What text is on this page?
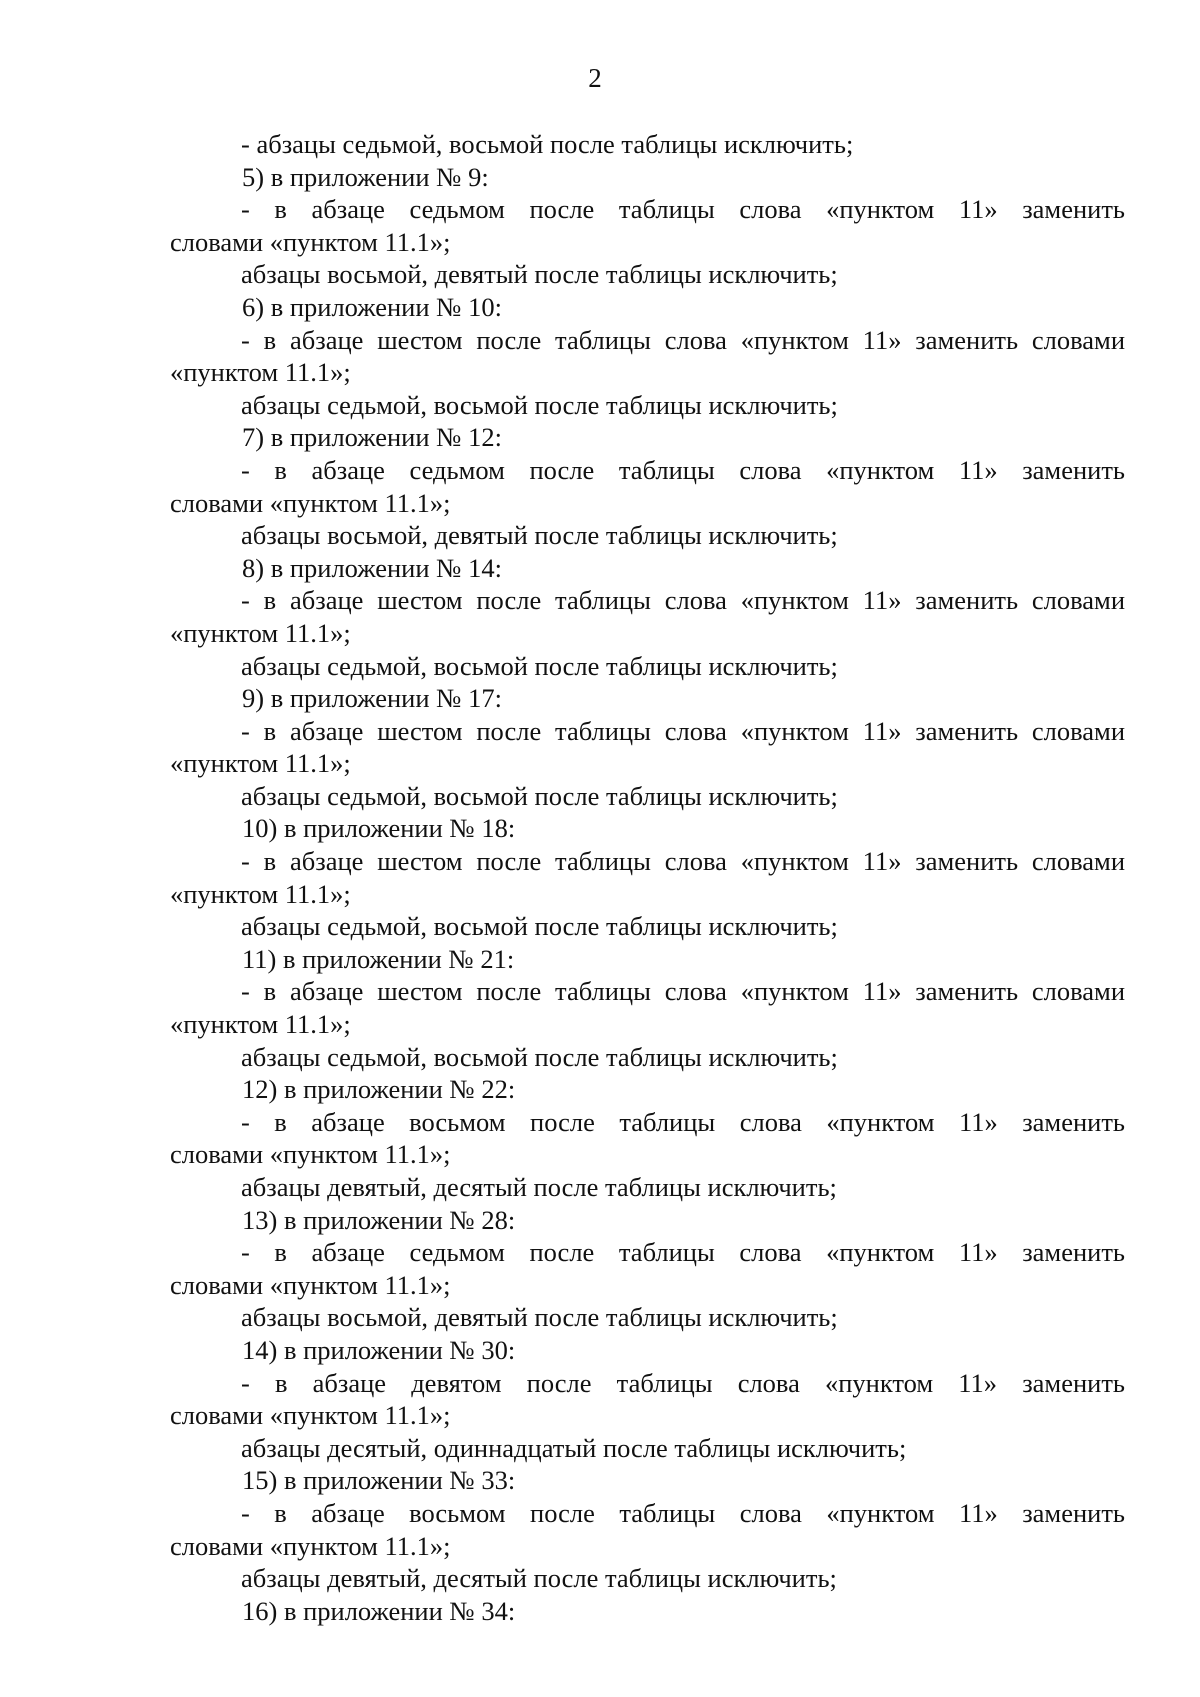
2
- абзацы седьмой, восьмой после таблицы исключить;
5) в приложении № 9:
- в абзаце седьмом после таблицы слова «пунктом 11» заменить
словами «пунктом 11.1»;
абзацы восьмой, девятый после таблицы исключить;
6) в приложении № 10:
- в абзаце шестом после таблицы слова «пунктом 11» заменить словами
«пунктом 11.1»;
абзацы седьмой, восьмой после таблицы исключить;
7) в приложении № 12:
- в абзаце седьмом после таблицы слова «пунктом 11» заменить
словами «пунктом 11.1»;
абзацы восьмой, девятый после таблицы исключить;
8) в приложении № 14:
- в абзаце шестом после таблицы слова «пунктом 11» заменить словами
«пунктом 11.1»;
абзацы седьмой, восьмой после таблицы исключить;
9) в приложении № 17:
- в абзаце шестом после таблицы слова «пунктом 11» заменить словами
«пунктом 11.1»;
абзацы седьмой, восьмой после таблицы исключить;
10) в приложении № 18:
- в абзаце шестом после таблицы слова «пунктом 11» заменить словами
«пунктом 11.1»;
абзацы седьмой, восьмой после таблицы исключить;
11) в приложении № 21:
- в абзаце шестом после таблицы слова «пунктом 11» заменить словами
«пунктом 11.1»;
абзацы седьмой, восьмой после таблицы исключить;
12) в приложении № 22:
- в абзаце восьмом после таблицы слова «пунктом 11» заменить
словами «пунктом 11.1»;
абзацы девятый, десятый после таблицы исключить;
13) в приложении № 28:
- в абзаце седьмом после таблицы слова «пунктом 11» заменить
словами «пунктом 11.1»;
абзацы восьмой, девятый после таблицы исключить;
14) в приложении № 30:
- в абзаце девятом после таблицы слова «пунктом 11» заменить
словами «пунктом 11.1»;
абзацы десятый, одиннадцатый после таблицы исключить;
15) в приложении № 33:
- в абзаце восьмом после таблицы слова «пунктом 11» заменить
словами «пунктом 11.1»;
абзацы девятый, десятый после таблицы исключить;
16) в приложении № 34:
